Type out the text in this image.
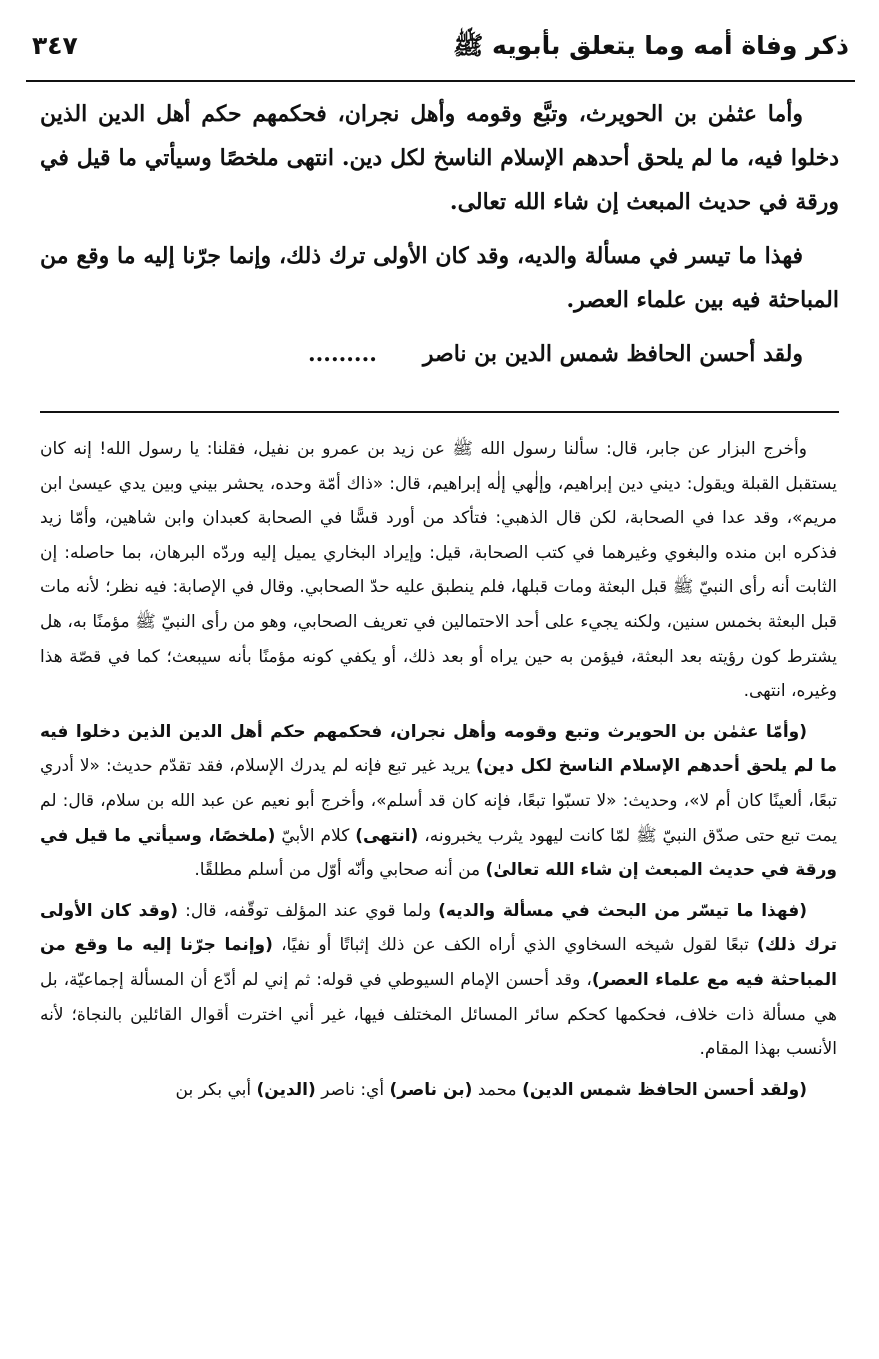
ذكر وفاة أمه وما يتعلق بأبويه ﷺ
٣٤٧

وأما عثمٰن بن الحويرث، وتبَّع وقومه وأهل نجران، فحكمهم حكم أهل الدين الذين دخلوا فيه، ما لم يلحق أحدهم الإسلام الناسخ لكل دين. انتهى ملخصًا وسيأتي ما قيل في ورقة في حديث المبعث إن شاء الله تعالى.

فهذا ما تيسر في مسألة والديه، وقد كان الأولى ترك ذلك، وإنما جرّنا إليه ما وقع من المباحثة فيه بين علماء العصر.

ولقد أحسن الحافظ شمس الدين بن ناصر      .........

وأخرج البزار عن جابر، قال: سألنا رسول الله ﷺ عن زيد بن عمرو بن نفيل، فقلنا: يا رسول الله! إنه كان يستقبل القبلة ويقول: ديني دين إبراهيم، وإلٰهي إلٰه إبراهيم، قال: «ذاك أمّة وحده، يحشر بيني وبين يدي عيسىٰ ابن مريم»، وقد عدا في الصحابة، لكن قال الذهبي: فتأكد من أورد قسًّا في الصحابة كعبدان وابن شاهين، وأمّا زيد فذكره ابن منده والبغوي وغيرهما في كتب الصحابة، قيل: وإيراد البخاري يميل إليه وردّه البرهان، بما حاصله: إن الثابت أنه رأى النبيّ ﷺ قبل البعثة ومات قبلها، فلم ينطبق عليه حدّ الصحابي. وقال في الإصابة: فيه نظر؛ لأنه مات قبل البعثة بخمس سنين، ولكنه يجيء على أحد الاحتمالين في تعريف الصحابي، وهو من رأى النبيّ ﷺ مؤمنًا به، هل يشترط كون رؤيته بعد البعثة، فيؤمن به حين يراه أو بعد ذلك، أو يكفي كونه مؤمنًا بأنه سيبعث؛ كما في قصّة هذا وغيره، انتهى.

(وأمّا عثمٰن بن الحويرث وتبع وقومه وأهل نجران، فحكمهم حكم أهل الدين الذين دخلوا فيه ما لم يلحق أحدهم الإسلام الناسخ لكل دين) يريد غير تبع فإنه لم يدرك الإسلام، فقد تقدّم حديث: «لا أدري تبعًا، ألعينًا كان أم لا»، وحديث: «لا تسبّوا تبعًا، فإنه كان قد أسلم»، وأخرج أبو نعيم عن عبد الله بن سلام، قال: لم يمت تبع حتى صدّق النبيّ ﷺ لمّا كانت ليهود يثرب يخبرونه، (انتهى) كلام الأبيّ (ملخصًا، وسيأتي ما قيل في ورقة في حديث المبعث إن شاء الله تعالىٰ) من أنه صحابي وأنّه أوّل من أسلم مطلقًا.

(فهذا ما تيسّر من البحث في مسألة والديه) ولما قوي عند المؤلف توقّفه، قال: (وقد كان الأولى ترك ذلك) تبعًا لقول شيخه السخاوي الذي أراه الكف عن ذلك إثباتًا أو نفيًا، (وإنما جرّنا إليه ما وقع من المباحثة فيه مع علماء العصر)، وقد أحسن الإمام السيوطي في قوله: ثم إني لم أدّع أن المسألة إجماعيّة، بل هي مسألة ذات خلاف، فحكمها كحكم سائر المسائل المختلف فيها، غير أني اخترت أقوال القائلين بالنجاة؛ لأنه الأنسب بهذا المقام.

(ولقد أحسن الحافظ شمس الدين) محمد (بن ناصر) أي: ناصر (الدين) أبي بكر بن
